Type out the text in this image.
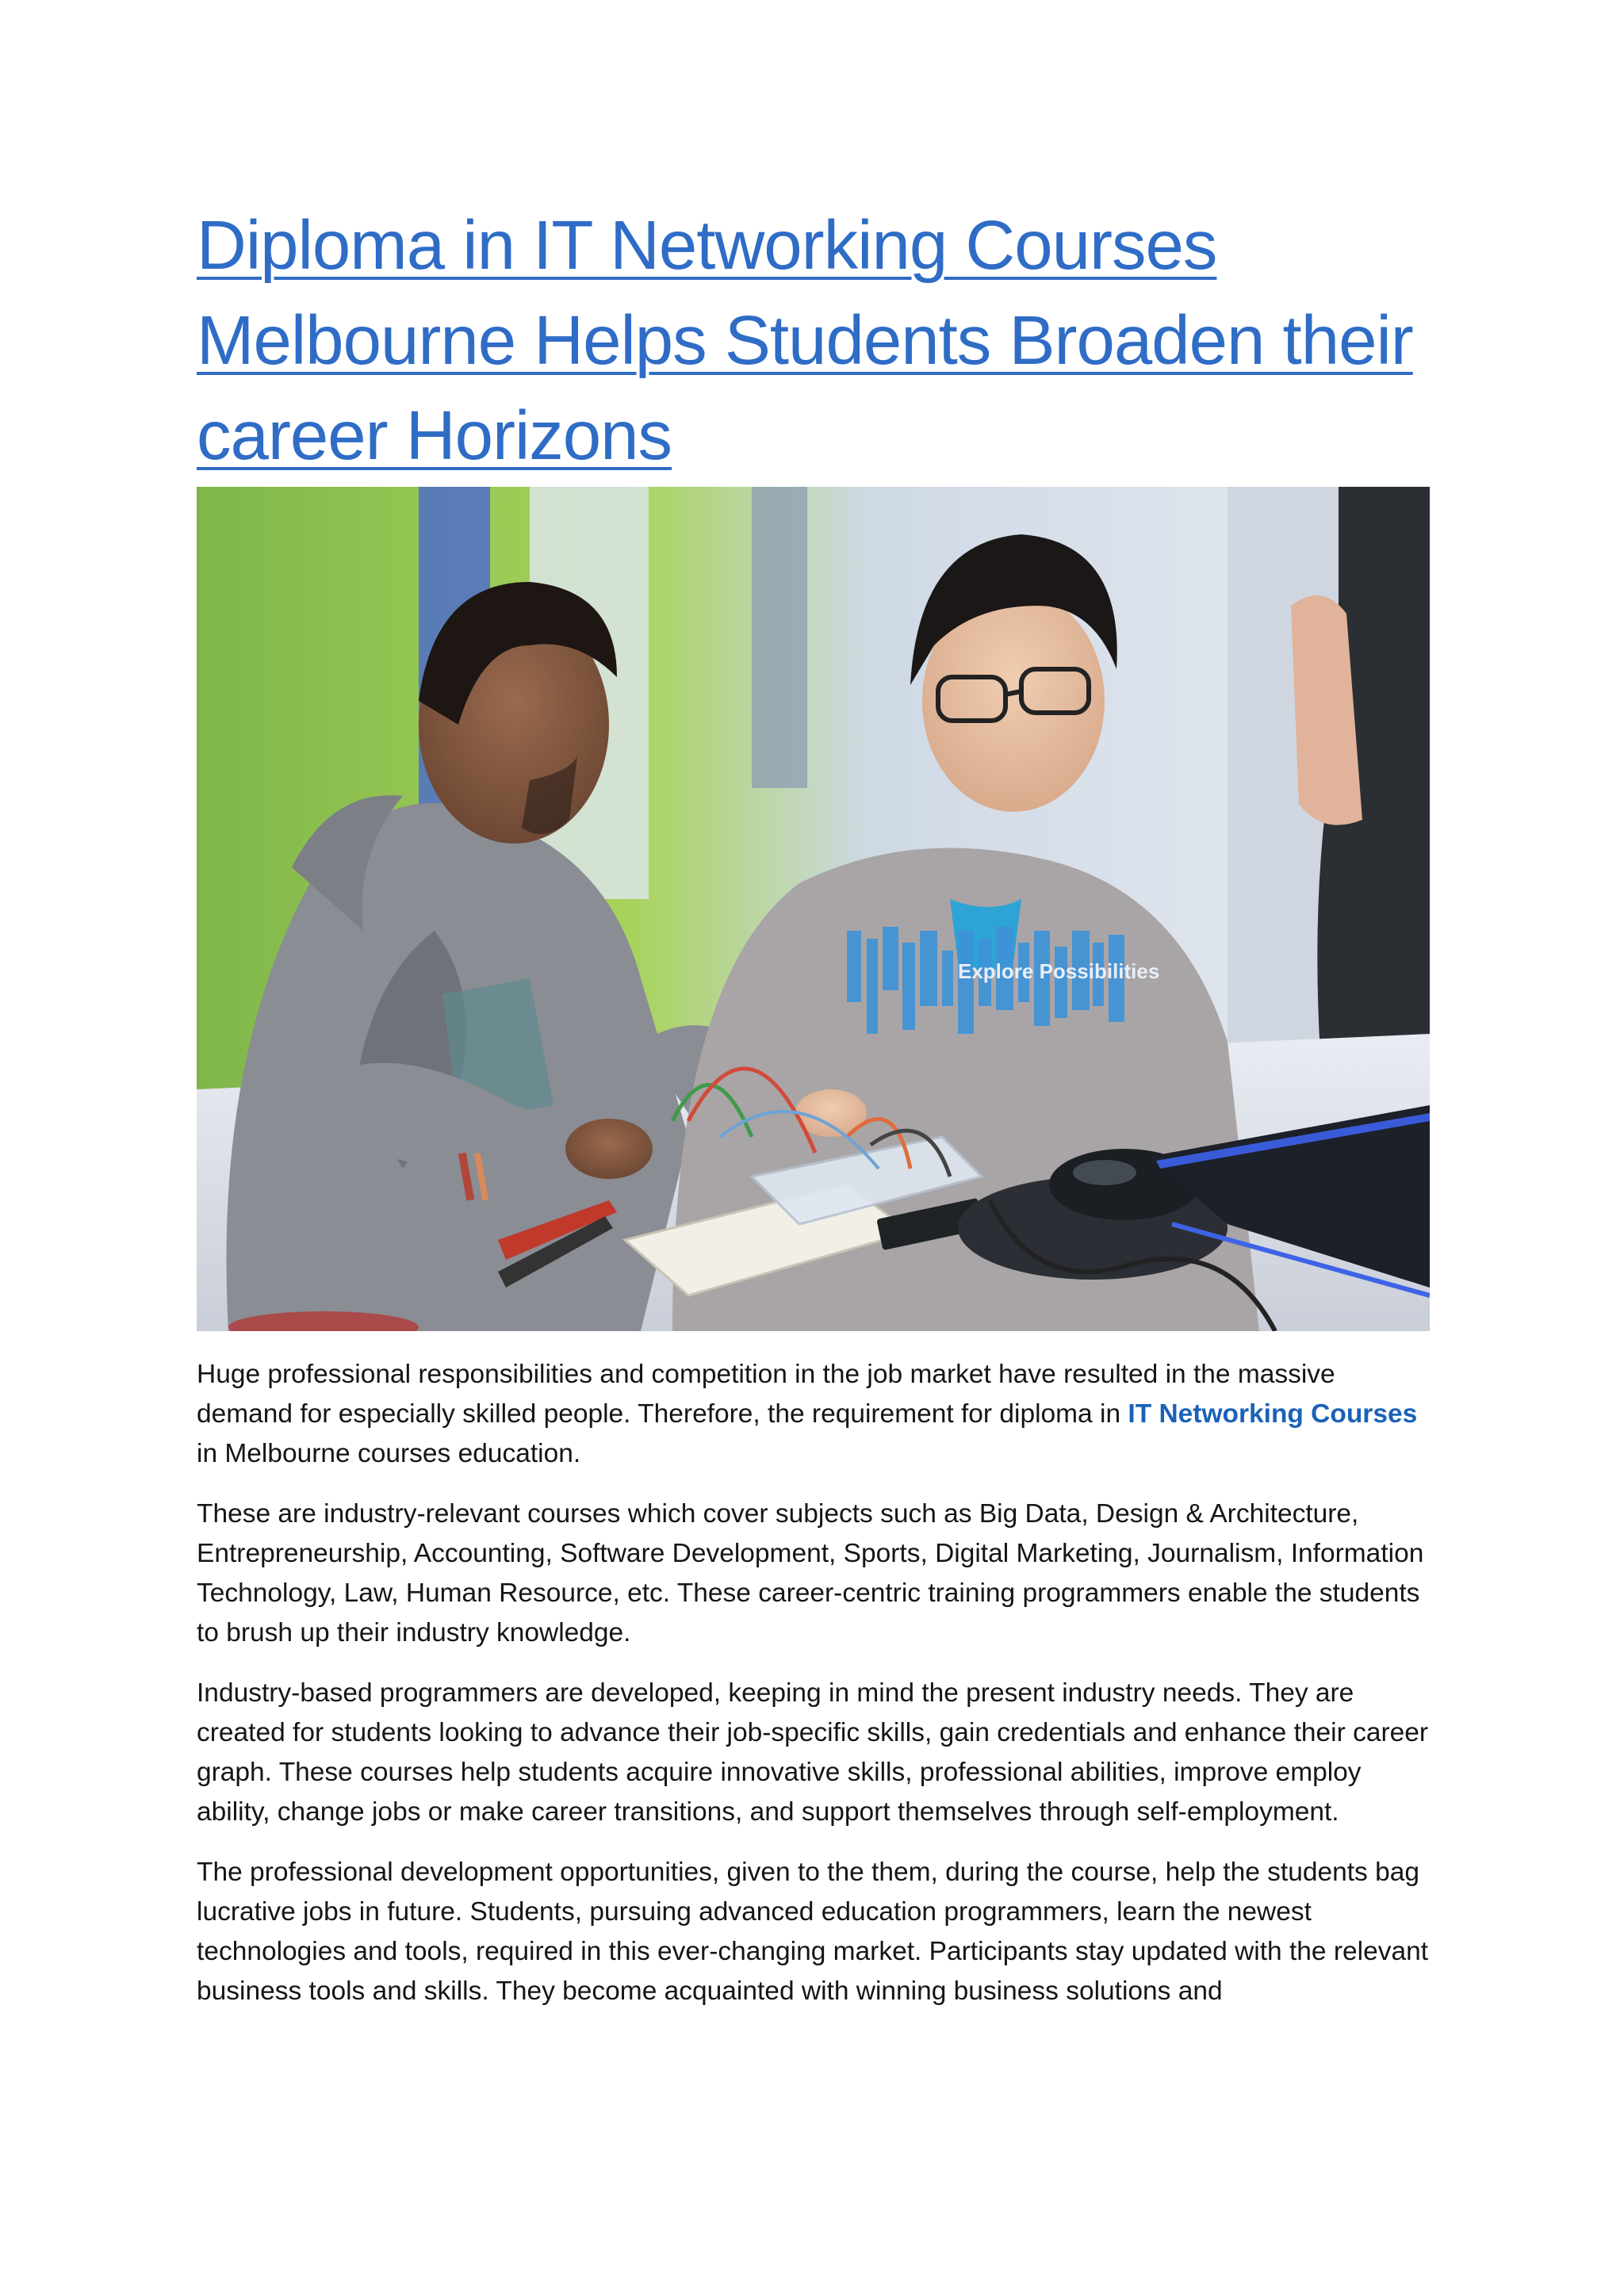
Diploma in IT Networking Courses Melbourne Helps Students Broaden their career Horizons
Explore Possibilities

Huge professional responsibilities and competition in the job market have resulted in the massive demand for especially skilled people. Therefore, the requirement for diploma in IT Networking Courses in Melbourne courses education.

These are industry-relevant courses which cover subjects such as Big Data, Design & Architecture, Entrepreneurship, Accounting, Software Development, Sports, Digital Marketing, Journalism, Information Technology, Law, Human Resource, etc. These career-centric training programmers enable the students to brush up their industry knowledge.

Industry-based programmers are developed, keeping in mind the present industry needs. They are created for students looking to advance their job-specific skills, gain credentials and enhance their career graph. These courses help students acquire innovative skills, professional abilities, improve employ ability, change jobs or make career transitions, and support themselves through self-employment.

The professional development opportunities, given to the them, during the course, help the students bag lucrative jobs in future. Students, pursuing advanced education programmers, learn the newest technologies and tools, required in this ever-changing market. Participants stay updated with the relevant business tools and skills. They become acquainted with winning business solutions and
